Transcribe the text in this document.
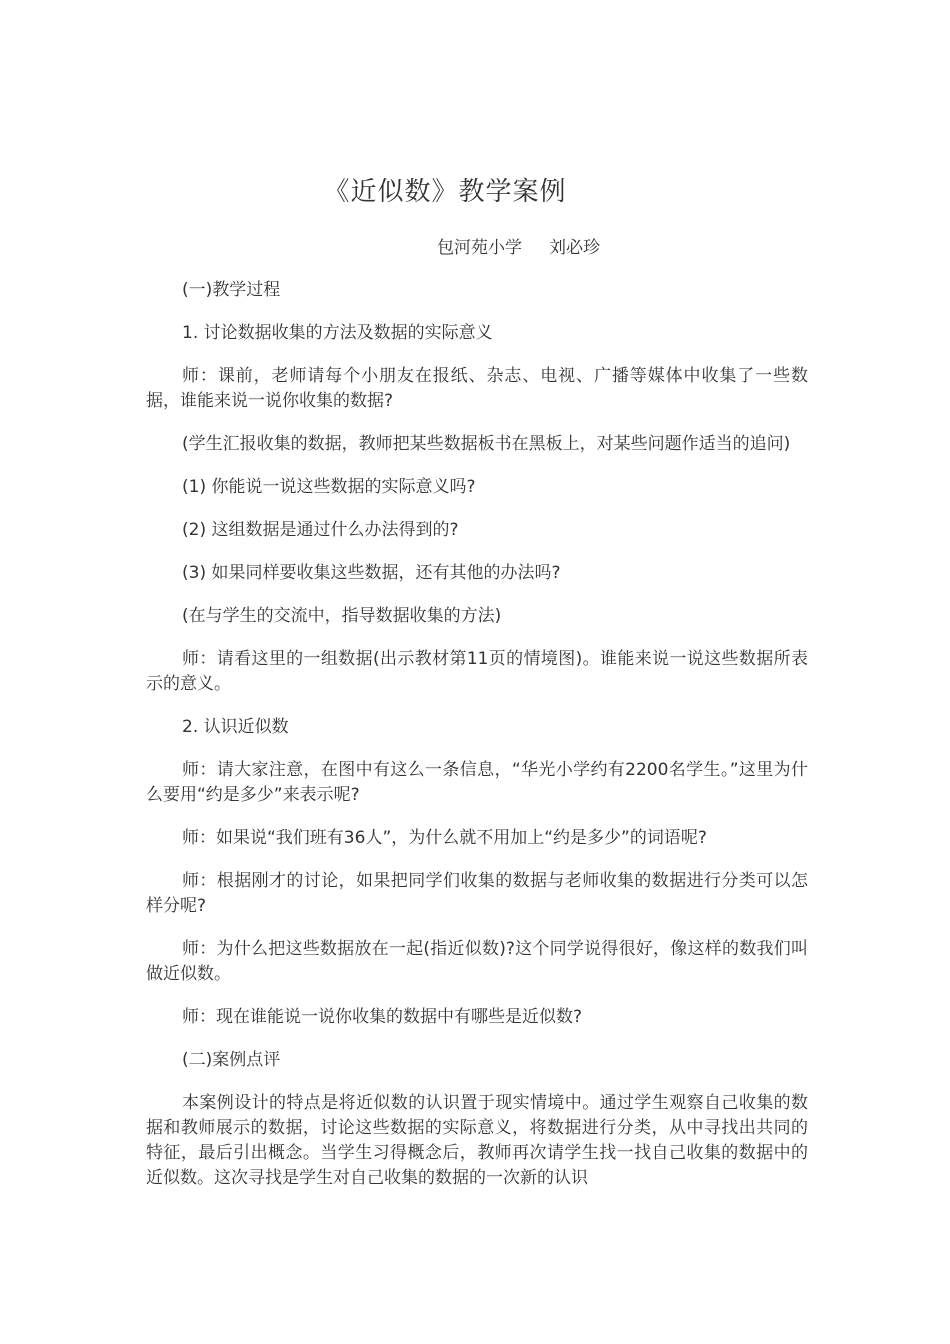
《近似数》教学案例
包河苑小学     刘必珍

(一)教学过程

1. 讨论数据收集的方法及数据的实际意义

师：课前，老师请每个小朋友在报纸、杂志、电视、广播等媒体中收集了一些数据，谁能来说一说你收集的数据?

(学生汇报收集的数据，教师把某些数据板书在黑板上，对某些问题作适当的追问)

(1) 你能说一说这些数据的实际意义吗?

(2) 这组数据是通过什么办法得到的?

(3) 如果同样要收集这些数据，还有其他的办法吗?

(在与学生的交流中，指导数据收集的方法)

师：请看这里的一组数据(出示教材第11页的情境图)。谁能来说一说这些数据所表示的意义。

2. 认识近似数

师：请大家注意，在图中有这么一条信息，“华光小学约有2200名学生。”这里为什么要用“约是多少”来表示呢?

师：如果说“我们班有36人”，为什么就不用加上“约是多少”的词语呢?

师：根据刚才的讨论，如果把同学们收集的数据与老师收集的数据进行分类可以怎样分呢?

师：为什么把这些数据放在一起(指近似数)?这个同学说得很好，像这样的数我们叫做近似数。

师：现在谁能说一说你收集的数据中有哪些是近似数?

(二)案例点评

本案例设计的特点是将近似数的认识置于现实情境中。通过学生观察自己收集的数据和教师展示的数据，讨论这些数据的实际意义，将数据进行分类，从中寻找出共同的特征，最后引出概念。当学生习得概念后，教师再次请学生找一找自己收集的数据中的近似数。这次寻找是学生对自己收集的数据的一次新的认识
